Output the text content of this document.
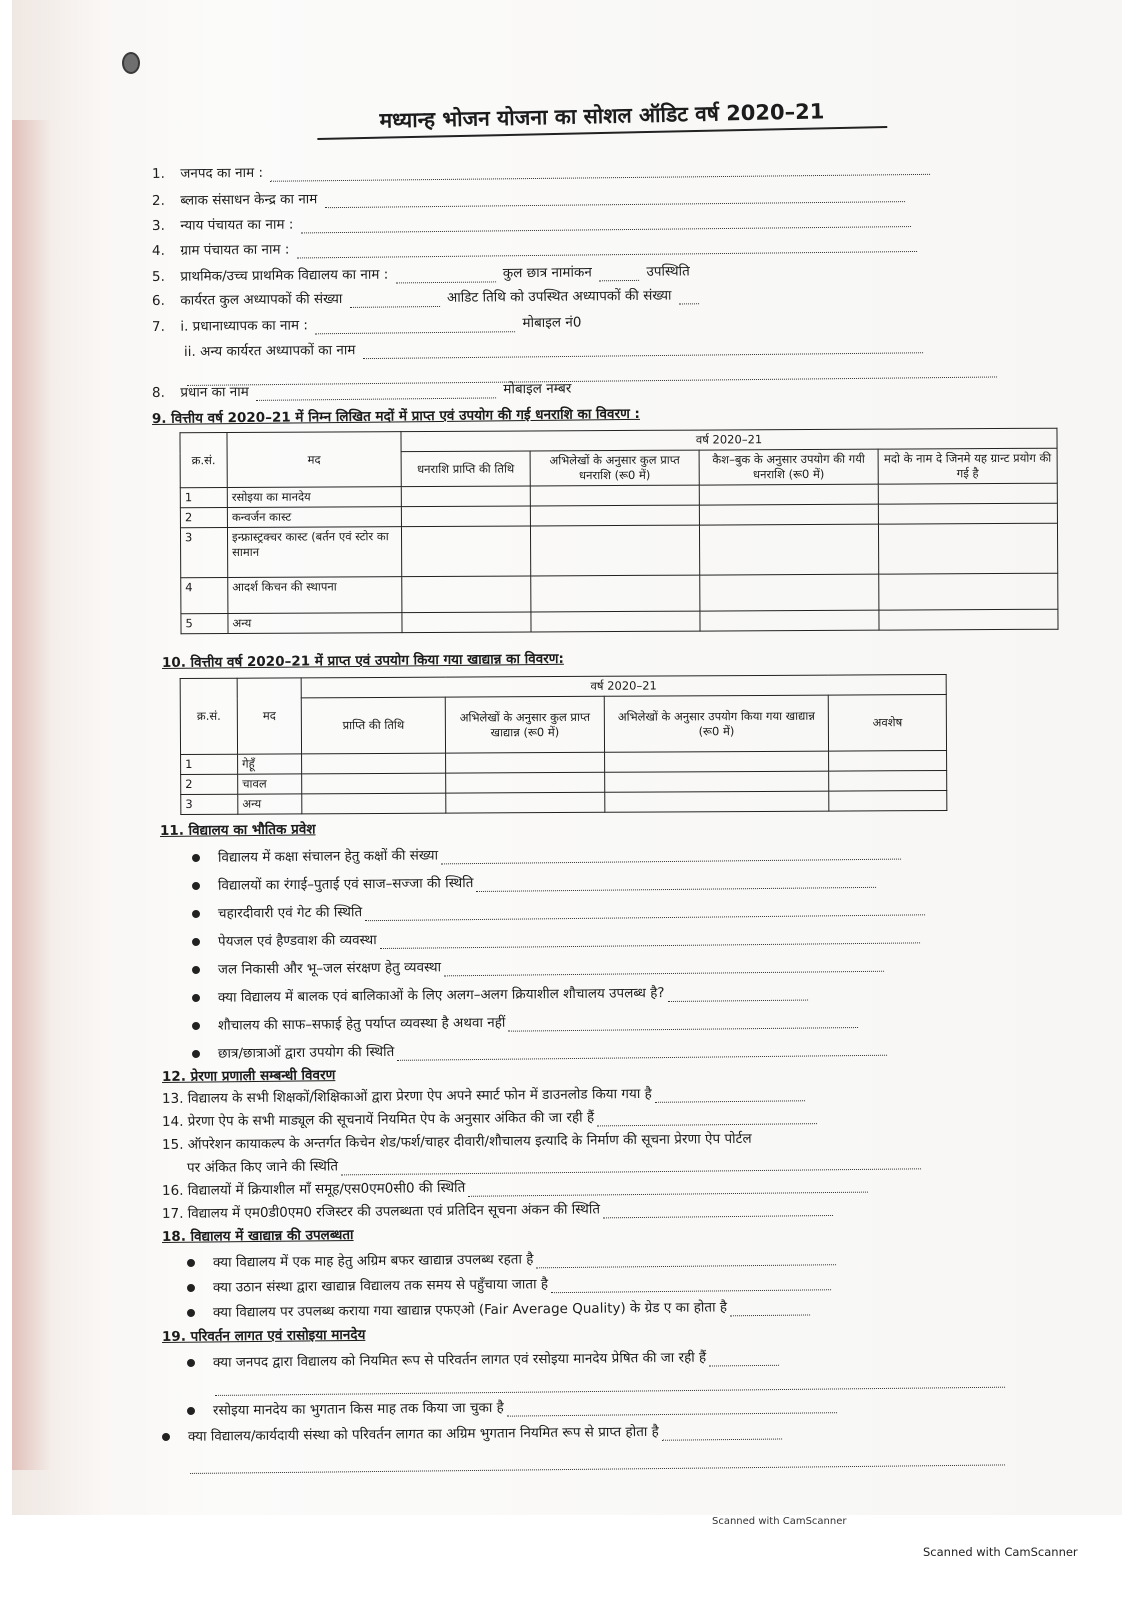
मध्यान्ह भोजन योजना का सोशल ऑडिट वर्ष 2020–21
1. जनपद का नाम :
2. ब्लाक संसाधन केन्द्र का नाम
3. न्याय पंचायत का नाम :
4. ग्राम पंचायत का नाम :
5. प्राथमिक/उच्च प्राथमिक विद्यालय का नाम :	कुल छात्र नामांकन	उपस्थिति
6. कार्यरत कुल अध्यापकों की संख्या	आडिट तिथि को उपस्थित अध्यापकों की संख्या
7. i. प्रधानाध्यापक का नाम :	मोबाइल नं0
ii. अन्य कार्यरत अध्यापकों का नाम
8. प्रधान का नाम	मोबाइल नम्बर
9. वित्तीय वर्ष 2020–21 में निम्न लिखित मदों में प्राप्त एवं उपयोग की गई धनराशि का विवरण :
क्र.सं.	मद	वर्ष 2020–21			
		धनराशि प्राप्ति की तिथि	अभिलेखों के अनुसार कुल प्राप्त धनराशि (रू0 में)	कैश–बुक के अनुसार उपयोग की गयी धनराशि (रू0 में)	मदो के नाम दे जिनमे यह ग्रान्ट प्रयोग की गई है
1	रसोइया का मानदेय				
2	कन्वर्जन कास्ट				
3	इन्फ्रास्ट्रक्चर कास्ट (बर्तन एवं स्टोर का सामान				
4	आदर्श किचन की स्थापना				
5	अन्य				
10. वित्तीय वर्ष 2020–21 में प्राप्त एवं उपयोग किया गया खाद्यान्न का विवरण:
क्र.सं.	मद	वर्ष 2020–21			
		प्राप्ति की तिथि	अभिलेखों के अनुसार कुल प्राप्त खाद्यान्न (रू0 में)	अभिलेखों के अनुसार उपयोग किया गया खाद्यान्न (रू0 में)	अवशेष
1	गेहूँ				
2	चावल				
3	अन्य				
11. विद्यालय का भौतिक प्रवेश
विद्यालय में कक्षा संचालन हेतु कक्षों की संख्या
विद्यालयों का रंगाई–पुताई एवं साज–सज्जा की स्थिति
चहारदीवारी एवं गेट की स्थिति
पेयजल एवं हैण्डवाश की व्यवस्था
जल निकासी और भू–जल संरक्षण हेतु व्यवस्था
क्या विद्यालय में बालक एवं बालिकाओं के लिए अलग–अलग क्रियाशील शौचालय उपलब्ध है?
शौचालय की साफ–सफाई हेतु पर्याप्त व्यवस्था है अथवा नहीं
छात्र/छात्राओं द्वारा उपयोग की स्थिति
12. प्रेरणा प्रणाली सम्बन्धी विवरण
13. विद्यालय के सभी शिक्षकों/शिक्षिकाओं द्वारा प्रेरणा ऐप अपने स्मार्ट फोन में डाउनलोड किया गया है
14. प्रेरणा ऐप के सभी माड्यूल की सूचनायें नियमित ऐप के अनुसार अंकित की जा रही हैं
15. ऑपरेशन कायाकल्प के अन्तर्गत किचेन शेड/फर्श/चाहर दीवारी/शौचालय इत्यादि के निर्माण की सूचना प्रेरणा ऐप पोर्टल
पर अंकित किए जाने की स्थिति
16. विद्यालयों में क्रियाशील माँ समूह/एस0एम0सी0 की स्थिति
17. विद्यालय में एम0डी0एम0 रजिस्टर की उपलब्धता एवं प्रतिदिन सूचना अंकन की स्थिति
18. विद्यालय में खाद्यान्न की उपलब्धता
क्या विद्यालय में एक माह हेतु अग्रिम बफर खाद्यान्न उपलब्ध रहता है
क्या उठान संस्था द्वारा खाद्यान्न विद्यालय तक समय से पहुँचाया जाता है
क्या विद्यालय पर उपलब्ध कराया गया खाद्यान्न एफएओ (Fair Average Quality) के ग्रेड ए का होता है
19. परिवर्तन लागत एवं रासोइया मानदेय
क्या जनपद द्वारा विद्यालय को नियमित रूप से परिवर्तन लागत एवं रसोइया मानदेय प्रेषित की जा रही हैं
रसोइया मानदेय का भुगतान किस माह तक किया जा चुका है
क्या विद्यालय/कार्यदायी संस्था को परिवर्तन लागत का अग्रिम भुगतान नियमित रूप से प्राप्त होता है
Scanned with CamScanner
Scanned with CamScanner
